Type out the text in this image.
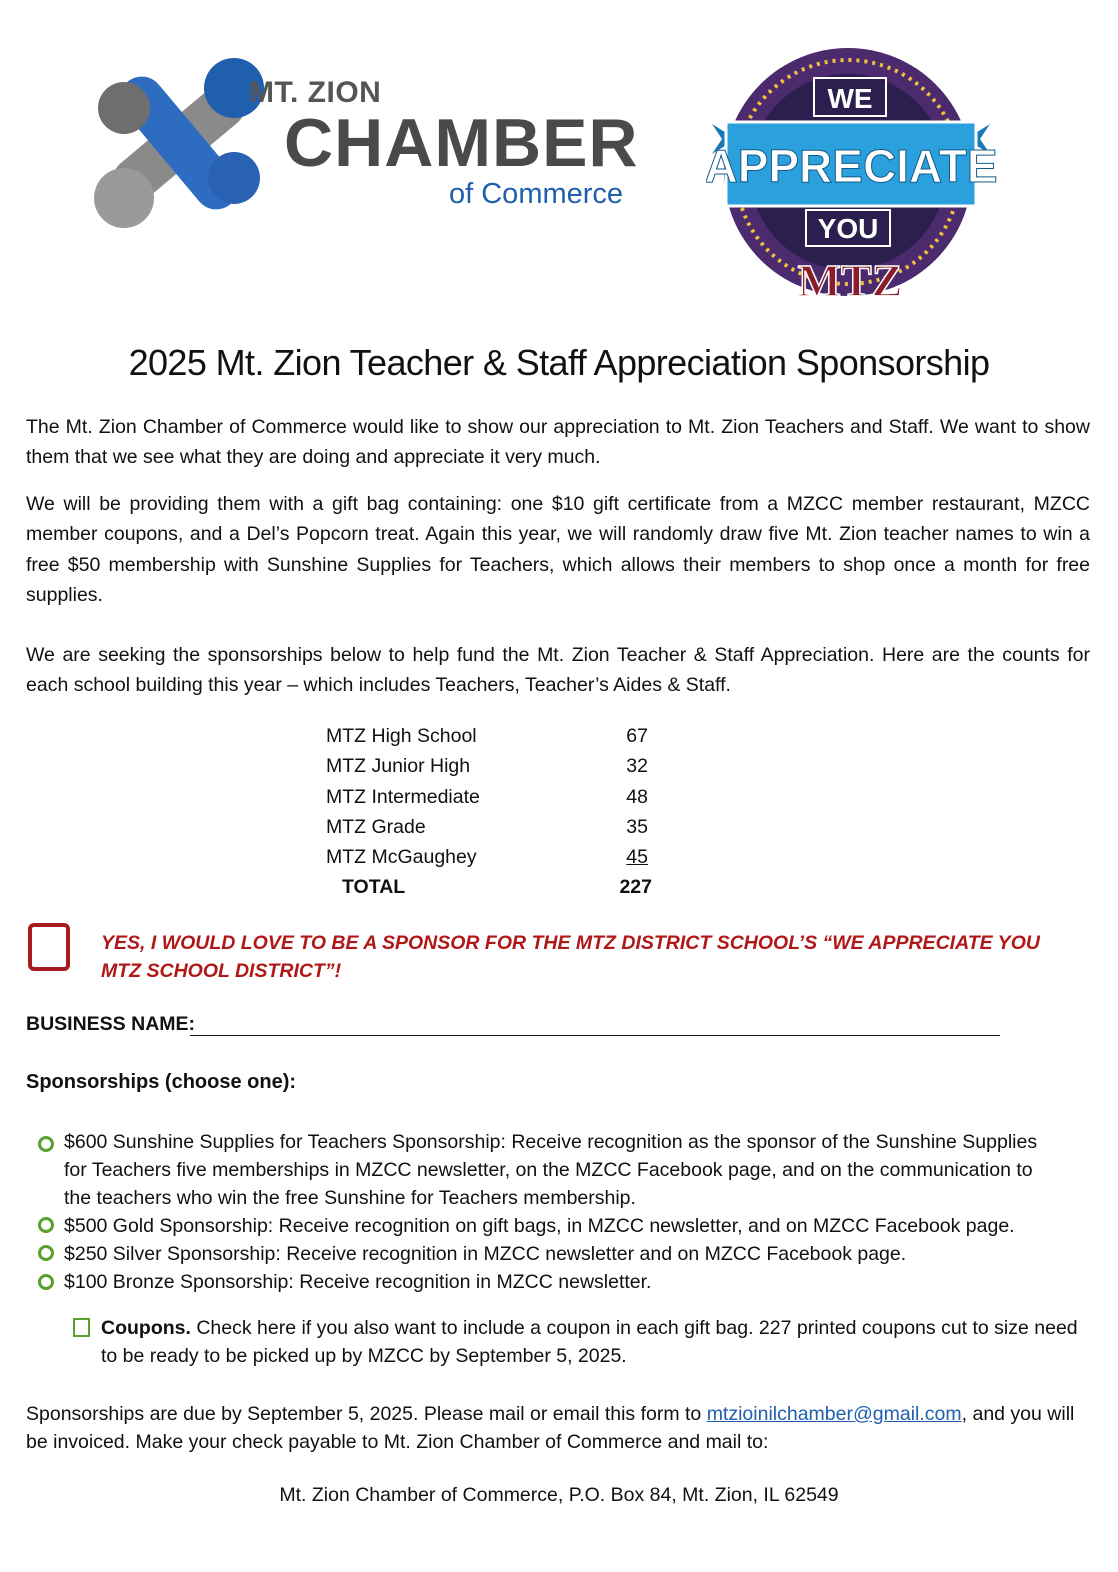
MT. ZION
CHAMBER
of Commerce
WE
APPRECIATE
YOU
MTZ
2025 Mt. Zion Teacher & Staff Appreciation Sponsorship
The Mt. Zion Chamber of Commerce would like to show our appreciation to Mt. Zion Teachers and Staff. We want to show them that we see what they are doing and appreciate it very much.
We will be providing them with a gift bag containing: one $10 gift certificate from a MZCC member restaurant, MZCC member coupons, and a Del’s Popcorn treat. Again this year, we will randomly draw five Mt. Zion teacher names to win a free $50 membership with Sunshine Supplies for Teachers, which allows their members to shop once a month for free supplies.
We are seeking the sponsorships below to help fund the Mt. Zion Teacher & Staff Appreciation. Here are the counts for each school building this year – which includes Teachers, Teacher’s Aides & Staff.
MTZ High School	67
MTZ Junior High	32
MTZ Intermediate	48
MTZ Grade	35
MTZ McGaughey	45
TOTAL	227
YES, I WOULD LOVE TO BE A SPONSOR FOR THE MTZ DISTRICT SCHOOL’S “WE APPRECIATE YOU MTZ SCHOOL DISTRICT”!
BUSINESS NAME:
Sponsorships (choose one):
$600 Sunshine Supplies for Teachers Sponsorship: Receive recognition as the sponsor of the Sunshine Supplies for Teachers five memberships in MZCC newsletter, on the MZCC Facebook page, and on the communication to the teachers who win the free Sunshine for Teachers membership.
$500 Gold Sponsorship: Receive recognition on gift bags, in MZCC newsletter, and on MZCC Facebook page.
$250 Silver Sponsorship: Receive recognition in MZCC newsletter and on MZCC Facebook page.
$100 Bronze Sponsorship: Receive recognition in MZCC newsletter.
Coupons. Check here if you also want to include a coupon in each gift bag. 227 printed coupons cut to size need to be ready to be picked up by MZCC by September 5, 2025.
Sponsorships are due by September 5, 2025. Please mail or email this form to mtzioinilchamber@gmail.com, and you will be invoiced. Make your check payable to Mt. Zion Chamber of Commerce and mail to:
Mt. Zion Chamber of Commerce, P.O. Box 84, Mt. Zion, IL 62549
